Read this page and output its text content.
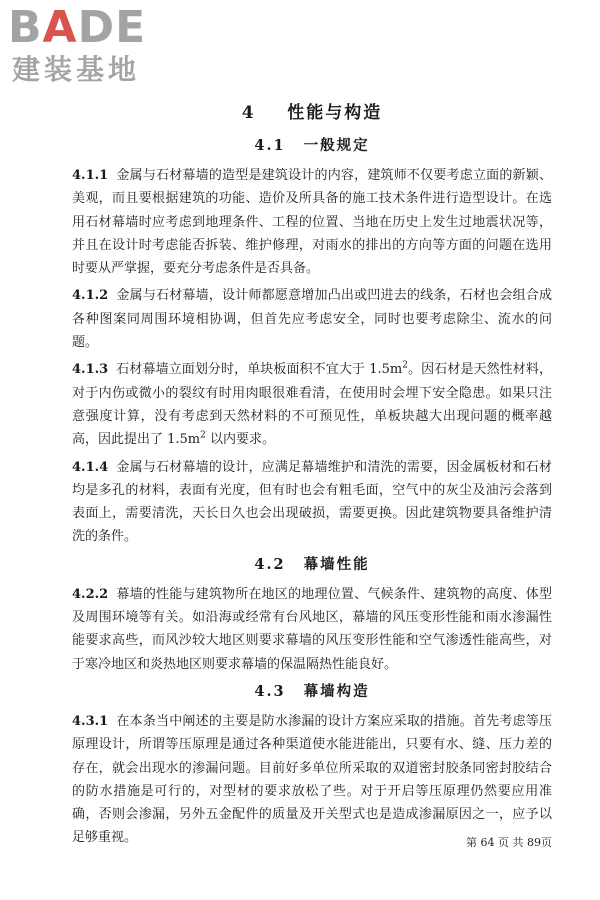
BADE
建装基地
4 性能与构造
4.1 一般规定

4.1.1 金属与石材幕墙的造型是建筑设计的内容，建筑师不仅要考虑立面的新颖、美观，而且要根据建筑的功能、造价及所具备的施工技术条件进行造型设计。在选用石材幕墙时应考虑到地理条件、工程的位置、当地在历史上发生过地震状况等，并且在设计时考虑能否拆装、维护修理，对雨水的排出的方向等方面的问题在选用时要从严掌握，要充分考虑条件是否具备。

4.1.2 金属与石材幕墙，设计师都愿意增加凸出或凹进去的线条，石材也会组合成各种图案同周围环境相协调，但首先应考虑安全，同时也要考虑除尘、流水的问题。

4.1.3 石材幕墙立面划分时，单块板面积不宜大于 $1.5m^2$。因石材是天然性材料，对于内伤或微小的裂纹有时用肉眼很难看清，在使用时会埋下安全隐患。如果只注意强度计算，没有考虑到天然材料的不可预见性，单板块越大出现问题的概率越高，因此提出了 $1.5m^2$ 以内要求。

4.1.4 金属与石材幕墙的设计，应满足幕墙维护和清洗的需要，因金属板材和石材均是多孔的材料，表面有光度，但有时也会有粗毛面，空气中的灰尘及油污会落到表面上，需要清洗，天长日久也会出现破损，需要更换。因此建筑物要具备维护清洗的条件。

4.2 幕墙性能

4.2.2 幕墙的性能与建筑物所在地区的地理位置、气候条件、建筑物的高度、体型及周围环境等有关。如沿海或经常有台风地区，幕墙的风压变形性能和雨水渗漏性能要求高些，而风沙较大地区则要求幕墙的风压变形性能和空气渗透性能高些，对于寒冷地区和炎热地区则要求幕墙的保温隔热性能良好。

4.3 幕墙构造

4.3.1 在本条当中阐述的主要是防水渗漏的设计方案应采取的措施。首先考虑等压原理设计，所谓等压原理是通过各种渠道使水能进能出，只要有水、缝、压力差的存在，就会出现水的渗漏问题。目前好多单位所采取的双道密封胶条同密封胶结合的防水措施是可行的，对型材的要求放松了些。对于开启等压原理仍然要应用准确，否则会渗漏，另外五金配件的质量及开关型式也是造成渗漏原因之一，应予以足够重视。	第 64 页 共 89页
